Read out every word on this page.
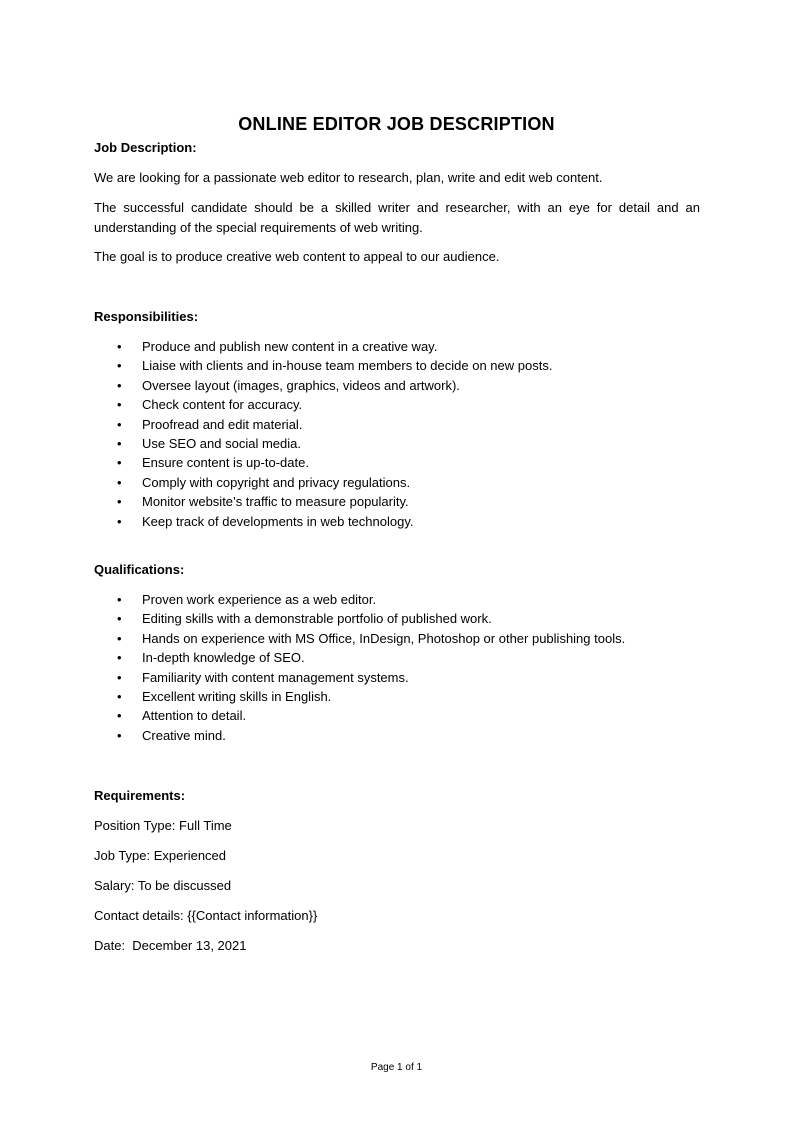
ONLINE EDITOR JOB DESCRIPTION
Job Description:
We are looking for a passionate web editor to research, plan, write and edit web content.
The successful candidate should be a skilled writer and researcher, with an eye for detail and an understanding of the special requirements of web writing.
The goal is to produce creative web content to appeal to our audience.
Responsibilities:
• Produce and publish new content in a creative way.
• Liaise with clients and in-house team members to decide on new posts.
• Oversee layout (images, graphics, videos and artwork).
• Check content for accuracy.
• Proofread and edit material.
• Use SEO and social media.
• Ensure content is up-to-date.
• Comply with copyright and privacy regulations.
• Monitor website’s traffic to measure popularity.
• Keep track of developments in web technology.
Qualifications:
• Proven work experience as a web editor.
• Editing skills with a demonstrable portfolio of published work.
• Hands on experience with MS Office, InDesign, Photoshop or other publishing tools.
• In-depth knowledge of SEO.
• Familiarity with content management systems.
• Excellent writing skills in English.
• Attention to detail.
• Creative mind.
Requirements:
Position Type: Full Time
Job Type: Experienced
Salary: To be discussed
Contact details: {{Contact information}}
Date:  December 13, 2021
Page 1 of 1
